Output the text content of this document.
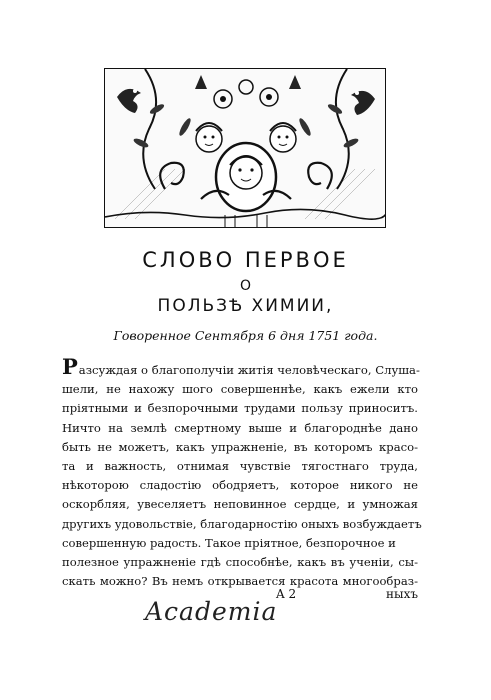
СЛОВО ПЕРВОЕ
О
ПОЛЬЗѢ ХИМИИ,
Говоренное Сентября 6 дня 1751 года.
Разсуждая о благополучіи житія человѣческаго, Слуша-
шели, не нахожу шого совершеннѣе, какъ ежели кто
пріятными и безпорочными трудами пользу приноситъ.
Ничто на землѣ смертному выше и благороднѣе дано
быть не можетъ, какъ упражненіе, въ которомъ красо-
та и важность, отнимая чувствіе тягостнаго труда,
нѣкоторою сладостію ободряетъ, которое никого не
оскорбляя, увеселяетъ неповинное сердце, и умножая
другихъ удовольствіе, благодарностію оныхъ возбуждаетъ
совершенную радость. Такое пріятное, безпорочное и
полезное упражненіе гдѣ способнѣе, какъ въ ученіи, сы-
скать можно? Въ немъ открывается красота многообраз-
A 2	ныхъ
Academia
